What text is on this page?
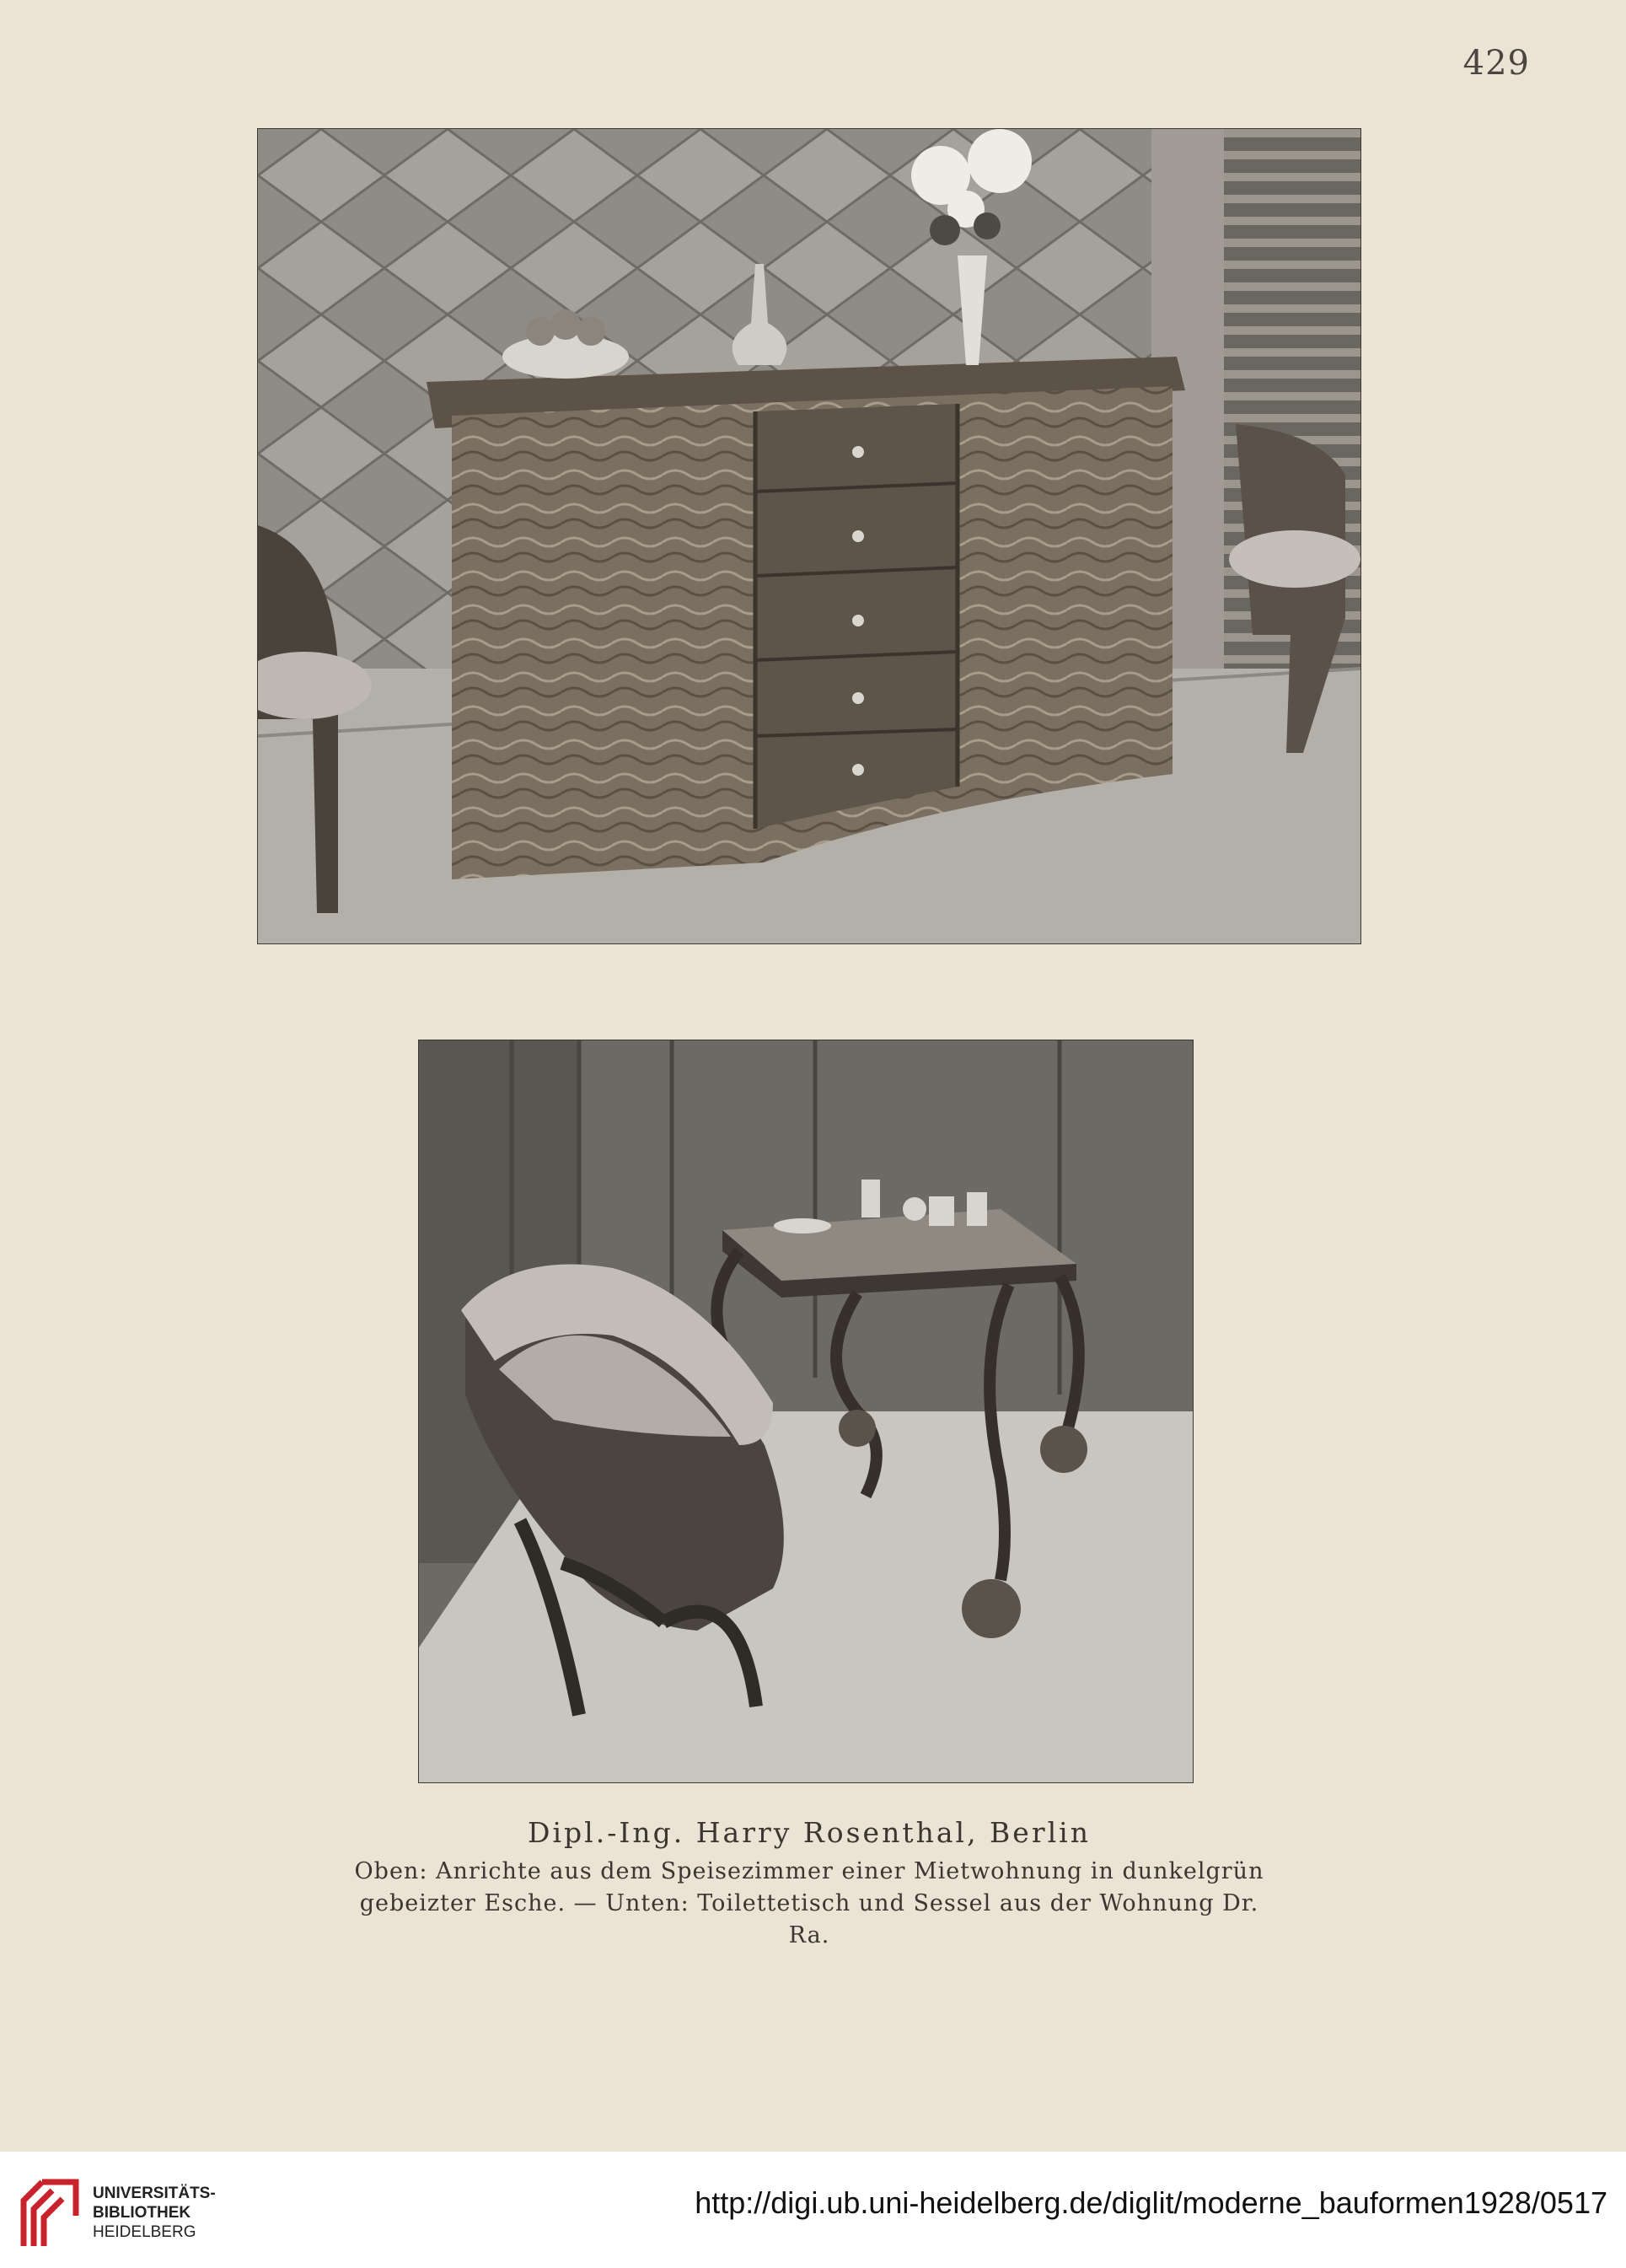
429
Dipl.-Ing. Harry Rosenthal, Berlin
Oben: Anrichte aus dem Speisezimmer einer Mietwohnung in dunkelgrün
gebeizter Esche. — Unten: Toilettetisch und Sessel aus der Wohnung Dr. Ra.
UNIVERSITÄTS-
BIBLIOTHEK
HEIDELBERG
http://digi.ub.uni-heidelberg.de/diglit/moderne_bauformen1928/0517
